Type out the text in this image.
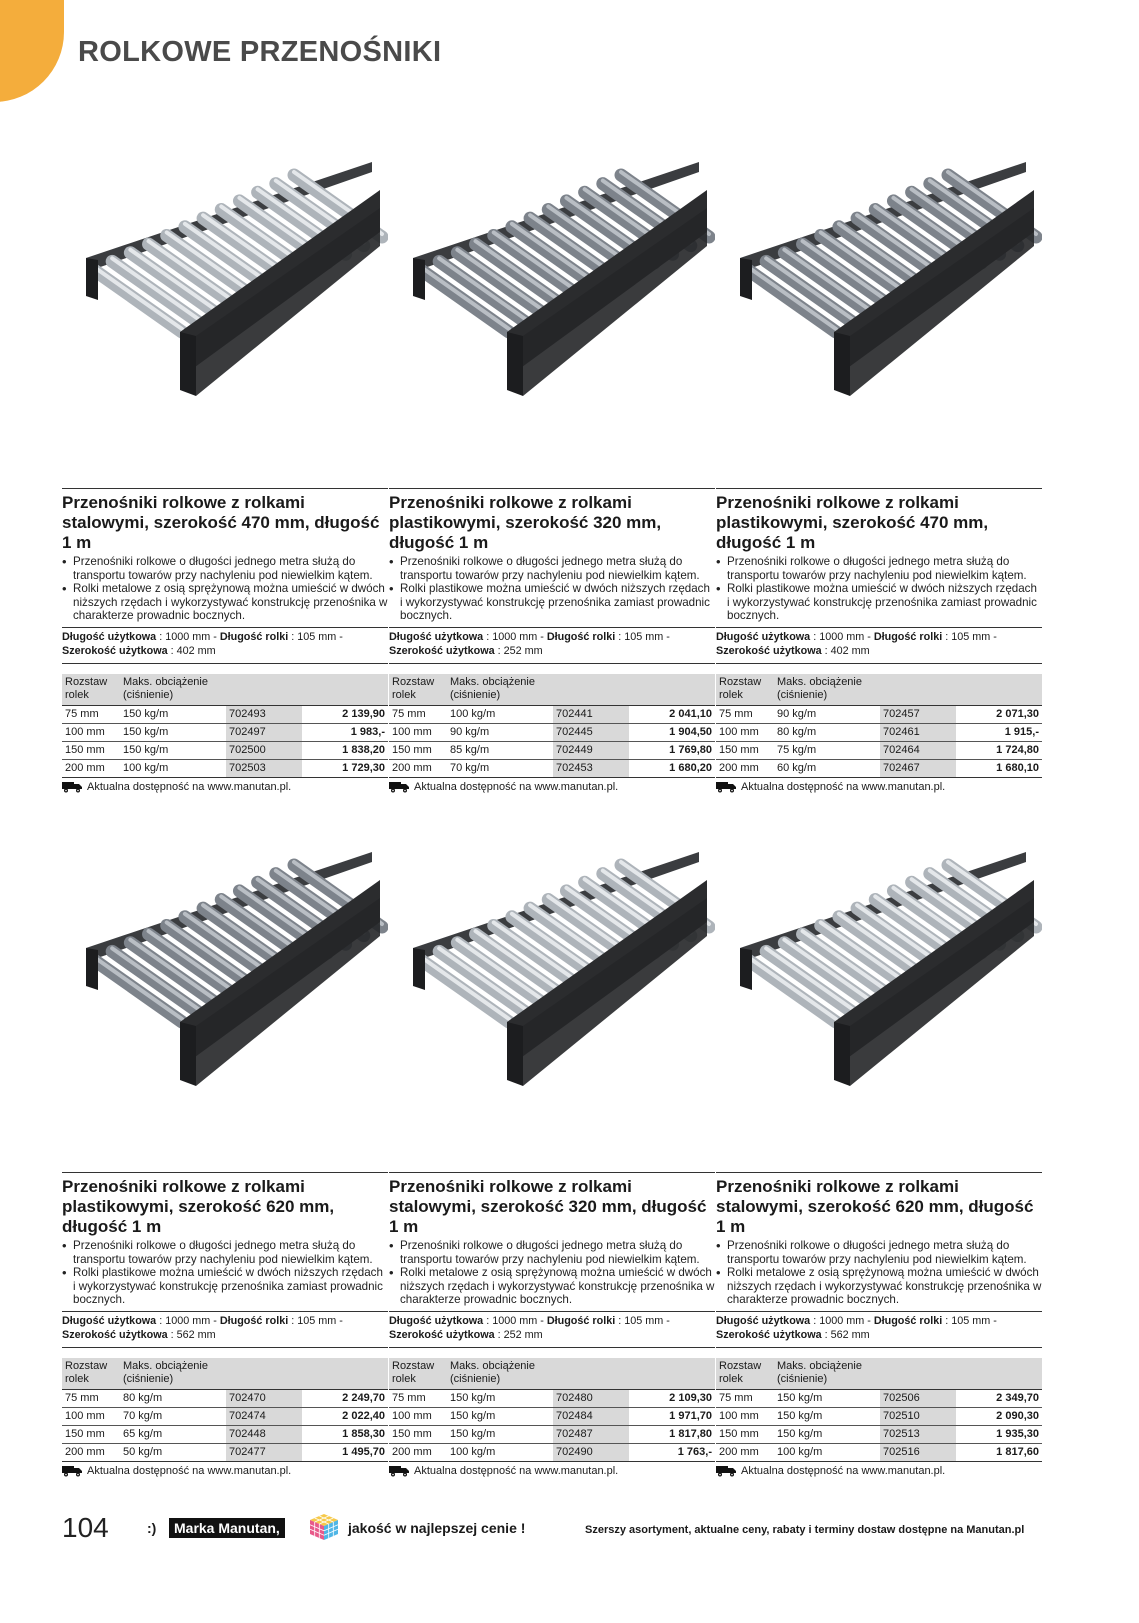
ROLKOWE PRZENOŚNIKI
Przenośniki rolkowe z rolkami stalowymi, szerokość 470 mm, długość 1 m
• Przenośniki rolkowe o długości jednego metra służą do transportu towarów przy nachyleniu pod niewielkim kątem.
• Rolki metalowe z osią sprężynową można umieścić w dwóch niższych rzędach i wykorzystywać konstrukcję przenośnika w charakterze prowadnic bocznych.
Długość użytkowa : 1000 mm - Długość rolki : 105 mm -
Szerokość użytkowa : 402 mm
Rozstaw rolek	Maks. obciążenie (ciśnienie)		
75 mm	150 kg/m	702493	2 139,90
100 mm	150 kg/m	702497	1 983,-
150 mm	150 kg/m	702500	1 838,20
200 mm	100 kg/m	702503	1 729,30
Aktualna dostępność na www.manutan.pl.
Przenośniki rolkowe z rolkami plastikowymi, szerokość 320 mm, długość 1 m
• Przenośniki rolkowe o długości jednego metra służą do transportu towarów przy nachyleniu pod niewielkim kątem.
• Rolki plastikowe można umieścić w dwóch niższych rzędach i wykorzystywać konstrukcję przenośnika zamiast prowadnic bocznych.
Długość użytkowa : 1000 mm - Długość rolki : 105 mm -
Szerokość użytkowa : 252 mm
Rozstaw rolek	Maks. obciążenie (ciśnienie)		
75 mm	100 kg/m	702441	2 041,10
100 mm	90 kg/m	702445	1 904,50
150 mm	85 kg/m	702449	1 769,80
200 mm	70 kg/m	702453	1 680,20
Aktualna dostępność na www.manutan.pl.
Przenośniki rolkowe z rolkami plastikowymi, szerokość 470 mm, długość 1 m
• Przenośniki rolkowe o długości jednego metra służą do transportu towarów przy nachyleniu pod niewielkim kątem.
• Rolki plastikowe można umieścić w dwóch niższych rzędach i wykorzystywać konstrukcję przenośnika zamiast prowadnic bocznych.
Długość użytkowa : 1000 mm - Długość rolki : 105 mm -
Szerokość użytkowa : 402 mm
Rozstaw rolek	Maks. obciążenie (ciśnienie)		
75 mm	90 kg/m	702457	2 071,30
100 mm	80 kg/m	702461	1 915,-
150 mm	75 kg/m	702464	1 724,80
200 mm	60 kg/m	702467	1 680,10
Aktualna dostępność na www.manutan.pl.
Przenośniki rolkowe z rolkami plastikowymi, szerokość 620 mm, długość 1 m
• Przenośniki rolkowe o długości jednego metra służą do transportu towarów przy nachyleniu pod niewielkim kątem.
• Rolki plastikowe można umieścić w dwóch niższych rzędach i wykorzystywać konstrukcję przenośnika zamiast prowadnic bocznych.
Długość użytkowa : 1000 mm - Długość rolki : 105 mm -
Szerokość użytkowa : 562 mm
Rozstaw rolek	Maks. obciążenie (ciśnienie)		
75 mm	80 kg/m	702470	2 249,70
100 mm	70 kg/m	702474	2 022,40
150 mm	65 kg/m	702448	1 858,30
200 mm	50 kg/m	702477	1 495,70
Aktualna dostępność na www.manutan.pl.
Przenośniki rolkowe z rolkami stalowymi, szerokość 320 mm, długość 1 m
• Przenośniki rolkowe o długości jednego metra służą do transportu towarów przy nachyleniu pod niewielkim kątem.
• Rolki metalowe z osią sprężynową można umieścić w dwóch niższych rzędach i wykorzystywać konstrukcję przenośnika w charakterze prowadnic bocznych.
Długość użytkowa : 1000 mm - Długość rolki : 105 mm -
Szerokość użytkowa : 252 mm
Rozstaw rolek	Maks. obciążenie (ciśnienie)		
75 mm	150 kg/m	702480	2 109,30
100 mm	150 kg/m	702484	1 971,70
150 mm	150 kg/m	702487	1 817,80
200 mm	100 kg/m	702490	1 763,-
Aktualna dostępność na www.manutan.pl.
Przenośniki rolkowe z rolkami stalowymi, szerokość 620 mm, długość 1 m
• Przenośniki rolkowe o długości jednego metra służą do transportu towarów przy nachyleniu pod niewielkim kątem.
• Rolki metalowe z osią sprężynową można umieścić w dwóch niższych rzędach i wykorzystywać konstrukcję przenośnika w charakterze prowadnic bocznych.
Długość użytkowa : 1000 mm - Długość rolki : 105 mm -
Szerokość użytkowa : 562 mm
Rozstaw rolek	Maks. obciążenie (ciśnienie)		
75 mm	150 kg/m	702506	2 349,70
100 mm	150 kg/m	702510	2 090,30
150 mm	150 kg/m	702513	1 935,30
200 mm	100 kg/m	702516	1 817,60
Aktualna dostępność na www.manutan.pl.
104	:)	Marka Manutan,	jakość w najlepszej cenie !	Szerszy asortyment, aktualne ceny, rabaty i terminy dostaw dostępne na Manutan.pl
